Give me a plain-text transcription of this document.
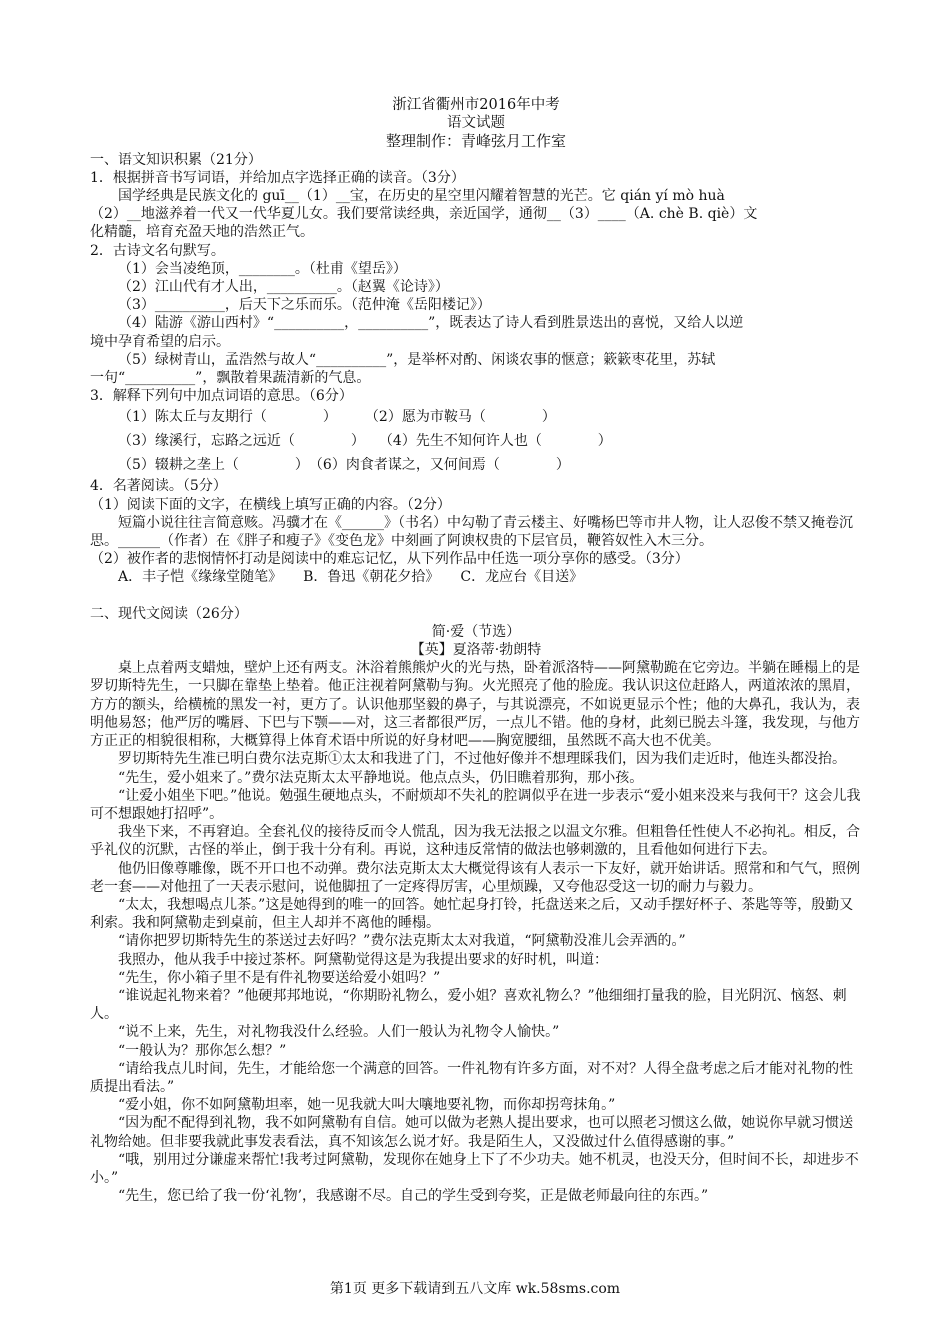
浙江省衢州市2016年中考

语文试题

整理制作：青峰弦月工作室

一、语文知识积累（21分）

1．根据拼音书写词语，并给加点字选择正确的读音。（3分）

国学经典是民族文化的 guī__（1）__宝，在历史的星空里闪耀着智慧的光芒。它 qián yí mò huà

（2）__地滋养着一代又一代华夏儿女。我们要常读经典，亲近国学，通彻__（3）____（A. chè B. qiè）文

化精髓，培育充盈天地的浩然正气。

2．古诗文名句默写。

（1）会当凌绝顶，________。（杜甫《望岳》）

（2）江山代有才人出，__________。（赵翼《论诗》）

（3）__________，后天下之乐而乐。（范仲淹《岳阳楼记》）

（4）陆游《游山西村》“__________，__________”，既表达了诗人看到胜景迭出的喜悦，又给人以逆

境中孕育希望的启示。

（5）绿树青山，孟浩然与故人“__________”，是举杯对酌、闲谈农事的惬意；簌簌枣花里，苏轼

一句“__________”，飘散着果蔬清新的气息。

3．解释下列句中加点词语的意思。（6分）

（1）陈太丘与友期行（　　　　）　　　（2）愿为市鞍马（　　　　）

（3）缘溪行，忘路之远近（　　　　）　　（4）先生不知何许人也（　　　　）

（5）辍耕之垄上（　　　　）　（6）肉食者谋之，又何间焉（　　　　）

4．名著阅读。（5分）

（1）阅读下面的文字，在横线上填写正确的内容。（2分）

短篇小说往往言简意赅。冯骥才在《______》（书名）中勾勒了青云楼主、好嘴杨巴等市井人物，让人忍俊不禁又掩卷沉思。______（作者）在《胖子和瘦子》《变色龙》中刻画了阿谀权贵的下层官员，鞭笞奴性入木三分。

（2）被作者的悲悯情怀打动是阅读中的难忘记忆，从下列作品中任选一项分享你的感受。（3分）

A．丰子恺《缘缘堂随笔》　　B．鲁迅《朝花夕拾》　　C．龙应台《目送》

二、现代文阅读（26分）

简·爱（节选）

【英】夏洛蒂·勃朗特

桌上点着两支蜡烛，壁炉上还有两支。沐浴着熊熊炉火的光与热，卧着派洛特——阿黛勒跪在它旁边。半躺在睡榻上的是罗切斯特先生，一只脚在靠垫上垫着。他正注视着阿黛勒与狗。火光照亮了他的脸庞。我认识这位赶路人，两道浓浓的黑眉，方方的额头，给横梳的黑发一衬，更方了。认识他那坚毅的鼻子，与其说漂亮，不如说更显示个性；他的大鼻孔，我认为，表明他易怒；他严厉的嘴唇、下巴与下颚——对，这三者都很严厉，一点儿不错。他的身材，此刻已脱去斗篷，我发现，与他方方正正的相貌很相称，大概算得上体育术语中所说的好身材吧——胸宽腰细，虽然既不高大也不优美。

罗切斯特先生准已明白费尔法克斯①太太和我进了门，不过他好像并不想理睬我们，因为我们走近时，他连头都没抬。

“先生，爱小姐来了。”费尔法克斯太太平静地说。他点点头，仍旧瞧着那狗，那小孩。

“让爱小姐坐下吧。”他说。勉强生硬地点头，不耐烦却不失礼的腔调似乎在进一步表示“爱小姐来没来与我何干？这会儿我可不想跟她打招呼”。

我坐下来，不再窘迫。全套礼仪的接待反而令人慌乱，因为我无法报之以温文尔雅。但粗鲁任性使人不必拘礼。相反，合乎礼仪的沉默，古怪的举止，倒于我十分有利。再说，这种违反常情的做法也够刺激的，且看他如何进行下去。

他仍旧像尊雕像，既不开口也不动弹。费尔法克斯太太大概觉得该有人表示一下友好，就开始讲话。照常和和气气，照例老一套——对他扭了一天表示慰问，说他脚扭了一定疼得厉害，心里烦躁，又夸他忍受这一切的耐力与毅力。

“太太，我想喝点儿茶。”这是她得到的唯一的回答。她忙起身打铃，托盘送来之后，又动手摆好杯子、茶匙等等，殷勤又利索。我和阿黛勒走到桌前，但主人却并不离他的睡榻。

“请你把罗切斯特先生的茶送过去好吗？”费尔法克斯太太对我道，“阿黛勒没准儿会弄洒的。”

我照办，他从我手中接过茶杯。阿黛勒觉得这是为我提出要求的好时机，叫道：

“先生，你小箱子里不是有件礼物要送给爱小姐吗？”

“谁说起礼物来着？”他硬邦邦地说，“你期盼礼物么，爱小姐？喜欢礼物么？”他细细打量我的脸，目光阴沉、恼怒、刺人。

“说不上来，先生，对礼物我没什么经验。人们一般认为礼物令人愉快。”

“一般认为？那你怎么想？”

“请给我点儿时间，先生，才能给您一个满意的回答。一件礼物有许多方面，对不对？人得全盘考虑之后才能对礼物的性质提出看法。”

“爱小姐，你不如阿黛勒坦率，她一见我就大叫大嚷地要礼物，而你却拐弯抹角。”

“因为配不配得到礼物，我不如阿黛勒有自信。她可以做为老熟人提出要求，也可以照老习惯这么做，她说你早就习惯送礼物给她。但非要我就此事发表看法，真不知该怎么说才好。我是陌生人，又没做过什么值得感谢的事。”

“哦，别用过分谦虚来帮忙!我考过阿黛勒，发现你在她身上下了不少功夫。她不机灵，也没天分，但时间不长，却进步不小。”

“先生，您已给了我一份‘礼物’，我感谢不尽。自己的学生受到夸奖，正是做老师最向往的东西。”

第1页 更多下载请到五八文库 wk.58sms.com
